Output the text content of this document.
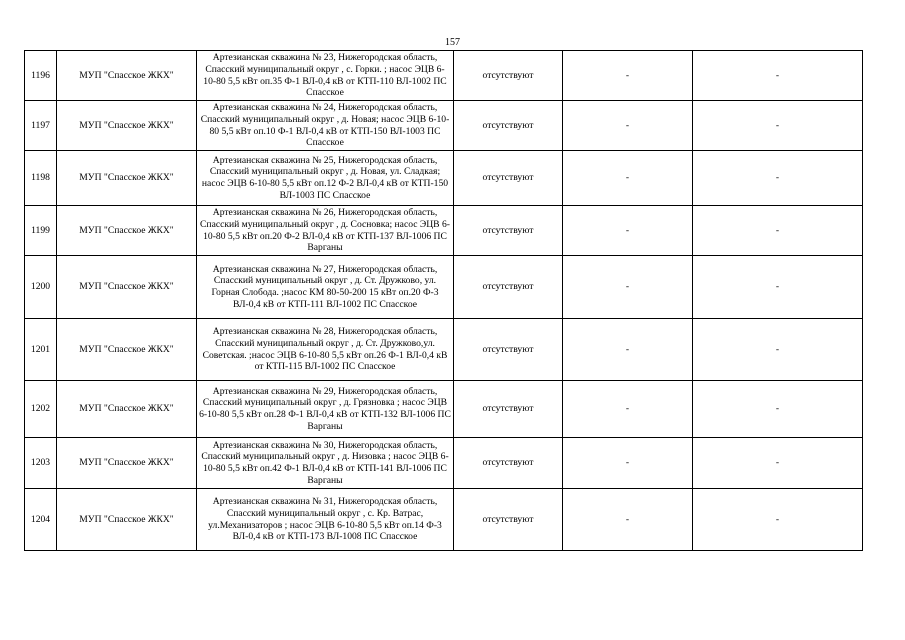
157
1196	МУП "Спасское ЖКХ"	Артезианская скважина № 23, Нижегородская область, Спасский муниципальный округ , с. Горки. ; насос ЭЦВ 6-10-80 5,5 кВт оп.35 Ф-1 ВЛ-0,4 кВ от КТП-110 ВЛ-1002 ПС Спасское	отсутствуют	-	-
1197	МУП "Спасское ЖКХ"	Артезианская скважина № 24, Нижегородская область, Спасский муниципальный округ , д. Новая; насос ЭЦВ 6-10-80 5,5 кВт оп.10 Ф-1 ВЛ-0,4 кВ от КТП-150 ВЛ-1003 ПС Спасское	отсутствуют	-	-
1198	МУП "Спасское ЖКХ"	Артезианская скважина № 25, Нижегородская область, Спасский муниципальный округ , д. Новая, ул. Сладкая; насос ЭЦВ 6-10-80 5,5 кВт оп.12 Ф-2 ВЛ-0,4 кВ от КТП-150 ВЛ-1003 ПС Спасское	отсутствуют	-	-
1199	МУП "Спасское ЖКХ"	Артезианская скважина № 26, Нижегородская область, Спасский муниципальный округ , д. Сосновка; насос ЭЦВ 6-10-80 5,5 кВт оп.20 Ф-2 ВЛ-0,4 кВ от КТП-137 ВЛ-1006 ПС Варганы	отсутствуют	-	-
1200	МУП "Спасское ЖКХ"	Артезианская скважина № 27, Нижегородская область, Спасский муниципальный округ , д. Ст. Дружково, ул. Горная Слобода. ;насос КМ 80-50-200 15 кВт оп.20 Ф-3 ВЛ-0,4 кВ от КТП-111 ВЛ-1002 ПС Спасское	отсутствуют	-	-
1201	МУП "Спасское ЖКХ"	Артезианская скважина № 28, Нижегородская область, Спасский муниципальный округ , д. Ст. Дружково,ул. Советская. ;насос ЭЦВ 6-10-80 5,5 кВт оп.26 Ф-1 ВЛ-0,4 кВ от КТП-115 ВЛ-1002 ПС Спасское	отсутствуют	-	-
1202	МУП "Спасское ЖКХ"	Артезианская скважина № 29, Нижегородская область, Спасский муниципальный округ , д. Грязновка ; насос ЭЦВ 6-10-80 5,5 кВт оп.28 Ф-1 ВЛ-0,4 кВ от КТП-132 ВЛ-1006 ПС Варганы	отсутствуют	-	-
1203	МУП "Спасское ЖКХ"	Артезианская скважина № 30, Нижегородская область, Спасский муниципальный округ , д. Низовка ; насос ЭЦВ 6-10-80 5,5 кВт оп.42 Ф-1 ВЛ-0,4 кВ от КТП-141 ВЛ-1006 ПС Варганы	отсутствуют	-	-
1204	МУП "Спасское ЖКХ"	Артезианская скважина № 31, Нижегородская область, Спасский муниципальный округ , с. Кр. Ватрас, ул.Механизаторов ; насос ЭЦВ 6-10-80 5,5 кВт оп.14 Ф-3 ВЛ-0,4 кВ от КТП-173 ВЛ-1008 ПС Спасское	отсутствуют	-	-
